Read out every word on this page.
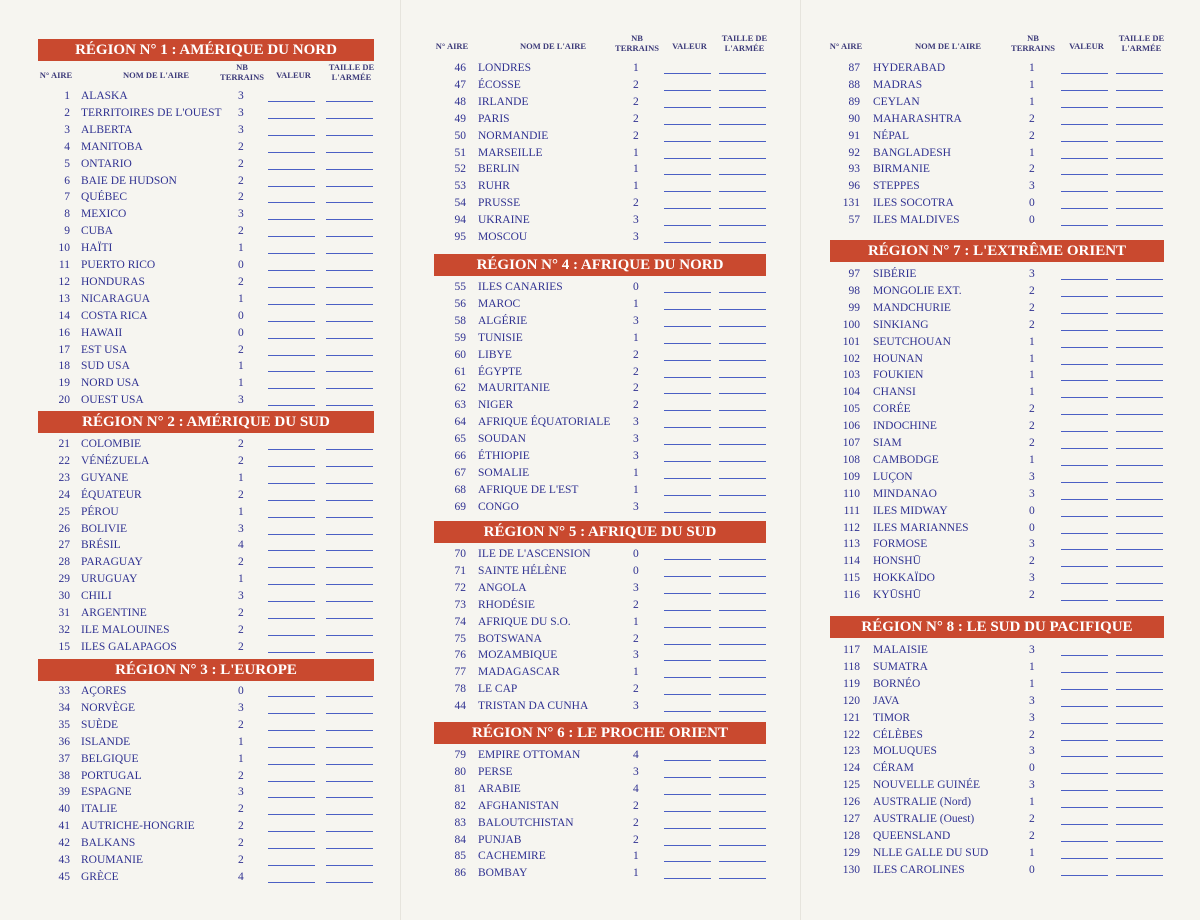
N° AIRE	NOM DE L'AIRE
NB TERRAINS	VALEUR
TAILLE DE L'ARMÉE
RÉGION N° 1 : AMÉRIQUE DU NORD
1 ALASKA	3
2 TERRITOIRES DE L'OUEST 3
3 ALBERTA	3
4 MANITOBA	2
5 ONTARIO	2
6 BAIE DE HUDSON	2
7 QUÉBEC	2
8 MEXICO	3
9 CUBA	2
10 HAÏTI	1
11 PUERTO RICO	0
12 HONDURAS	2
13 NICARAGUA	1
14 COSTA RICA	0
16 HAWAII	0
17 EST USA	2
18 SUD USA	1
19 NORD USA	1
20 OUEST USA	3
RÉGION N° 2 : AMÉRIQUE DU SUD
21 COLOMBIE	2
22 VÉNÉZUELA	2
23 GUYANE	1
24 ÉQUATEUR	2
25 PÉROU	1
26 BOLIVIE	3
27 BRÉSIL	4
28 PARAGUAY	2
29 URUGUAY	1
30 CHILI	3
31 ARGENTINE	2
32 ILE MALOUINES	2
15 ILES GALAPAGOS	2
RÉGION N° 3 : L'EUROPE
33 AÇORES	0
34 NORVÈGE	3
35 SUÈDE	2
36 ISLANDE	1
37 BELGIQUE	1
38 PORTUGAL	2
39 ESPAGNE	3
40 ITALIE	2
41 AUTRICHE-HONGRIE	2
42 BALKANS	2
43 ROUMANIE	2
45 GRÈCE	4
N° AIRE	NOM DE L'AIRE
NB TERRAINS	VALEUR
TAILLE DE L'ARMÉE
46 LONDRES	1
47 ÉCOSSE	2
48 IRLANDE	2
49 PARIS	2
50 NORMANDIE	2
51 MARSEILLE	1
52 BERLIN	1
53 RUHR	1
54 PRUSSE	2
94 UKRAINE	3
95 MOSCOU	3
RÉGION N° 4 : AFRIQUE DU NORD
55 ILES CANARIES	0
56 MAROC	1
58 ALGÉRIE	3
59 TUNISIE	1
60 LIBYE	2
61 ÉGYPTE	2
62 MAURITANIE	2
63 NIGER	2
64 AFRIQUE ÉQUATORIALE 3
65 SOUDAN	3
66 ÉTHIOPIE	3
67 SOMALIE	1
68 AFRIQUE DE L'EST	1
69 CONGO	3
RÉGION N° 5 : AFRIQUE DU SUD
70 ILE DE L'ASCENSION	0
71 SAINTE HÉLÈNE	0
72 ANGOLA	3
73 RHODÉSIE	2
74 AFRIQUE DU S.O.	1
75 BOTSWANA	2
76 MOZAMBIQUE	3
77 MADAGASCAR	1
78 LE CAP	2
44 TRISTAN DA CUNHA	3
RÉGION N° 6 : LE PROCHE ORIENT
79 EMPIRE OTTOMAN	4
80 PERSE	3
81 ARABIE	4
82 AFGHANISTAN	2
83 BALOUTCHISTAN	2
84 PUNJAB	2
85 CACHEMIRE	1
86 BOMBAY	1
N° AIRE	NOM DE L'AIRE
NB TERRAINS	VALEUR
TAILLE DE L'ARMÉE
87 HYDERABAD	1
88 MADRAS	1
89 CEYLAN	1
90 MAHARASHTRA	2
91 NÉPAL	2
92 BANGLADESH	1
93 BIRMANIE	2
96 STEPPES	3
131 ILES SOCOTRA	0
57 ILES MALDIVES	0
RÉGION N° 7 : L'EXTRÊME ORIENT
97 SIBÉRIE	3
98 MONGOLIE EXT.	2
99 MANDCHURIE	2
100 SINKIANG	2
101 SEUTCHOUAN	1
102 HOUNAN	1
103 FOUKIEN	1
104 CHANSI	1
105 CORÉE	2
106 INDOCHINE	2
107 SIAM	2
108 CAMBODGE	1
109 LUÇON	3
110 MINDANAO	3
111 ILES MIDWAY	0
112 ILES MARIANNES	0
113 FORMOSE	3
114 HONSHŪ	2
115 HOKKAÏDO	3
116 KYŪSHŪ	2
RÉGION N° 8 : LE SUD DU PACIFIQUE
117 MALAISIE	3
118 SUMATRA	1
119 BORNÉO	1
120 JAVA	3
121 TIMOR	3
122 CÉLÈBES	2
123 MOLUQUES	3
124 CÉRAM	0
125 NOUVELLE GUINÉE	3
126 AUSTRALIE (Nord)	1
127 AUSTRALIE (Ouest)	2
128 QUEENSLAND	2
129 NLLE GALLE DU SUD	1
130 ILES CAROLINES	0
